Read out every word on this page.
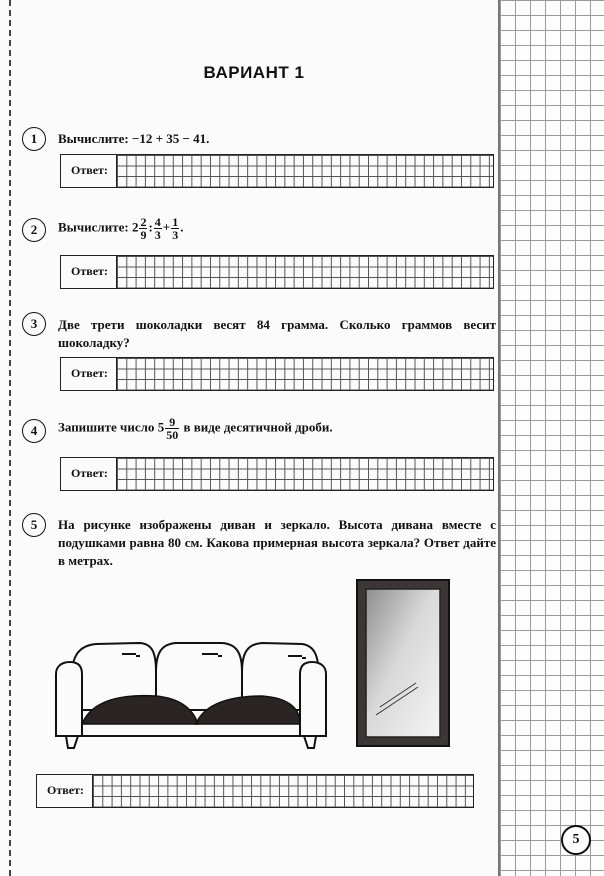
ВАРИАНТ 1
1	Вычислите: −12 + 35 − 41.
Ответ:
2	Вычислите: $2 \frac{2}{9}$ : $\frac{4}{3} + \frac{1}{3}$ .
Ответ:
3	Две трети шоколадки весят 84 грамма. Сколько граммов весит шоколадку?
Ответ:
4	Запишите число $5 \frac{9}{50}$ в виде десятичной дроби.
Ответ:
5	На рисунке изображены диван и зеркало. Высота дивана вместе с подушками равна 80 см. Какова примерная высота зеркала? Ответ дайте в метрах.
Ответ:
5
